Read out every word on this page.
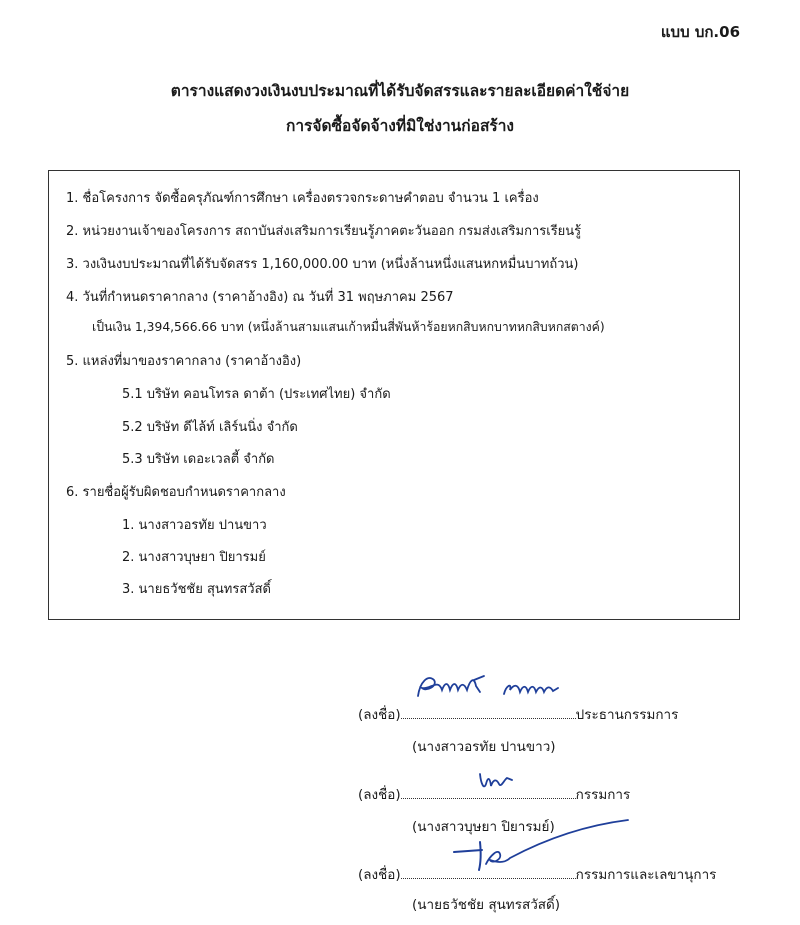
แบบ บก.06
ตารางแสดงวงเงินงบประมาณที่ได้รับจัดสรรและรายละเอียดค่าใช้จ่าย
การจัดซื้อจัดจ้างที่มิใช่งานก่อสร้าง
1. ชื่อโครงการ จัดซื้อครุภัณฑ์การศึกษา เครื่องตรวจกระดาษคำตอบ จำนวน 1 เครื่อง
2. หน่วยงานเจ้าของโครงการ สถาบันส่งเสริมการเรียนรู้ภาคตะวันออก กรมส่งเสริมการเรียนรู้
3. วงเงินงบประมาณที่ได้รับจัดสรร 1,160,000.00 บาท (หนึ่งล้านหนึ่งแสนหกหมื่นบาทถ้วน)
4. วันที่กำหนดราคากลาง (ราคาอ้างอิง) ณ วันที่ 31 พฤษภาคม 2567
เป็นเงิน 1,394,566.66 บาท (หนึ่งล้านสามแสนเก้าหมื่นสี่พันห้าร้อยหกสิบหกบาทหกสิบหกสตางค์)
5. แหล่งที่มาของราคากลาง (ราคาอ้างอิง)
5.1 บริษัท คอนโทรล ดาต้า (ประเทศไทย) จำกัด
5.2 บริษัท ดีไล้ท์ เลิร์นนิ่ง จำกัด
5.3 บริษัท เดอะเวลตี้ จำกัด
6. รายชื่อผู้รับผิดชอบกำหนดราคากลาง
1. นางสาวอรทัย ปานขาว
2. นางสาวบุษยา ปิยารมย์
3. นายธวัชชัย สุนทรสวัสดิ์
(ลงชื่อ)	ประธานกรรมการ
(นางสาวอรทัย ปานขาว)
(ลงชื่อ)	กรรมการ
(นางสาวบุษยา ปิยารมย์)
(ลงชื่อ)	กรรมการและเลขานุการ
(นายธวัชชัย สุนทรสวัสดิ์)
